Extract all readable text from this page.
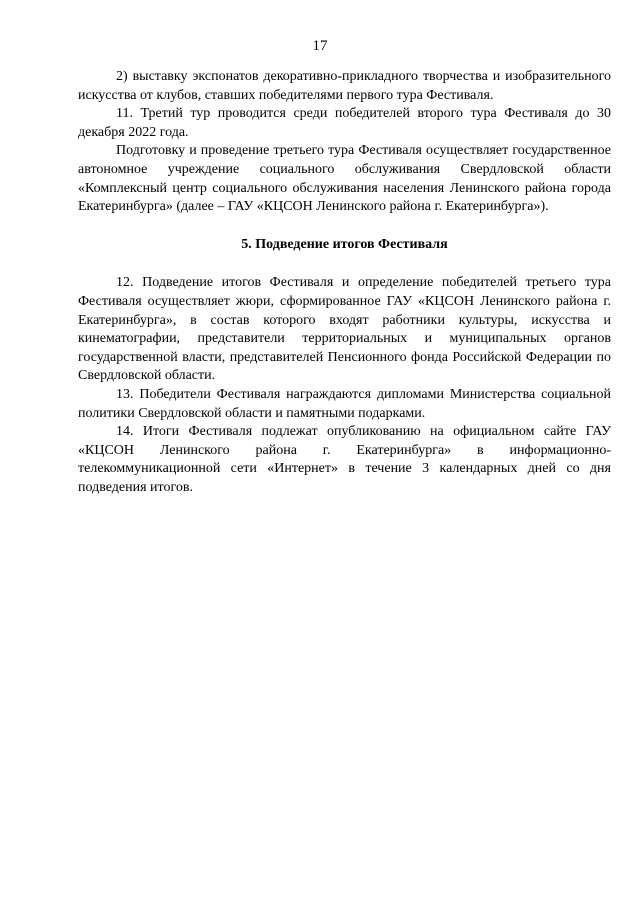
17

2) выставку экспонатов декоративно-прикладного творчества и изобразительного искусства от клубов, ставших победителями первого тура Фестиваля.

11. Третий тур проводится среди победителей второго тура Фестиваля до 30 декабря 2022 года.

Подготовку и проведение третьего тура Фестиваля осуществляет государственное автономное учреждение социального обслуживания Свердловской области «Комплексный центр социального обслуживания населения Ленинского района города Екатеринбурга» (далее – ГАУ «КЦСОН Ленинского района г. Екатеринбурга»).

5. Подведение итогов Фестиваля

12. Подведение итогов Фестиваля и определение победителей третьего тура Фестиваля осуществляет жюри, сформированное ГАУ «КЦСОН Ленинского района г. Екатеринбурга», в состав которого входят работники культуры, искусства и кинематографии, представители территориальных и муниципальных органов государственной власти, представителей Пенсионного фонда Российской Федерации по Свердловской области.

13. Победители Фестиваля награждаются дипломами Министерства социальной политики Свердловской области и памятными подарками.

14. Итоги Фестиваля подлежат опубликованию на официальном сайте ГАУ «КЦСОН Ленинского района г. Екатеринбурга» в информационно-телекоммуникационной сети «Интернет» в течение 3 календарных дней со дня подведения итогов.
